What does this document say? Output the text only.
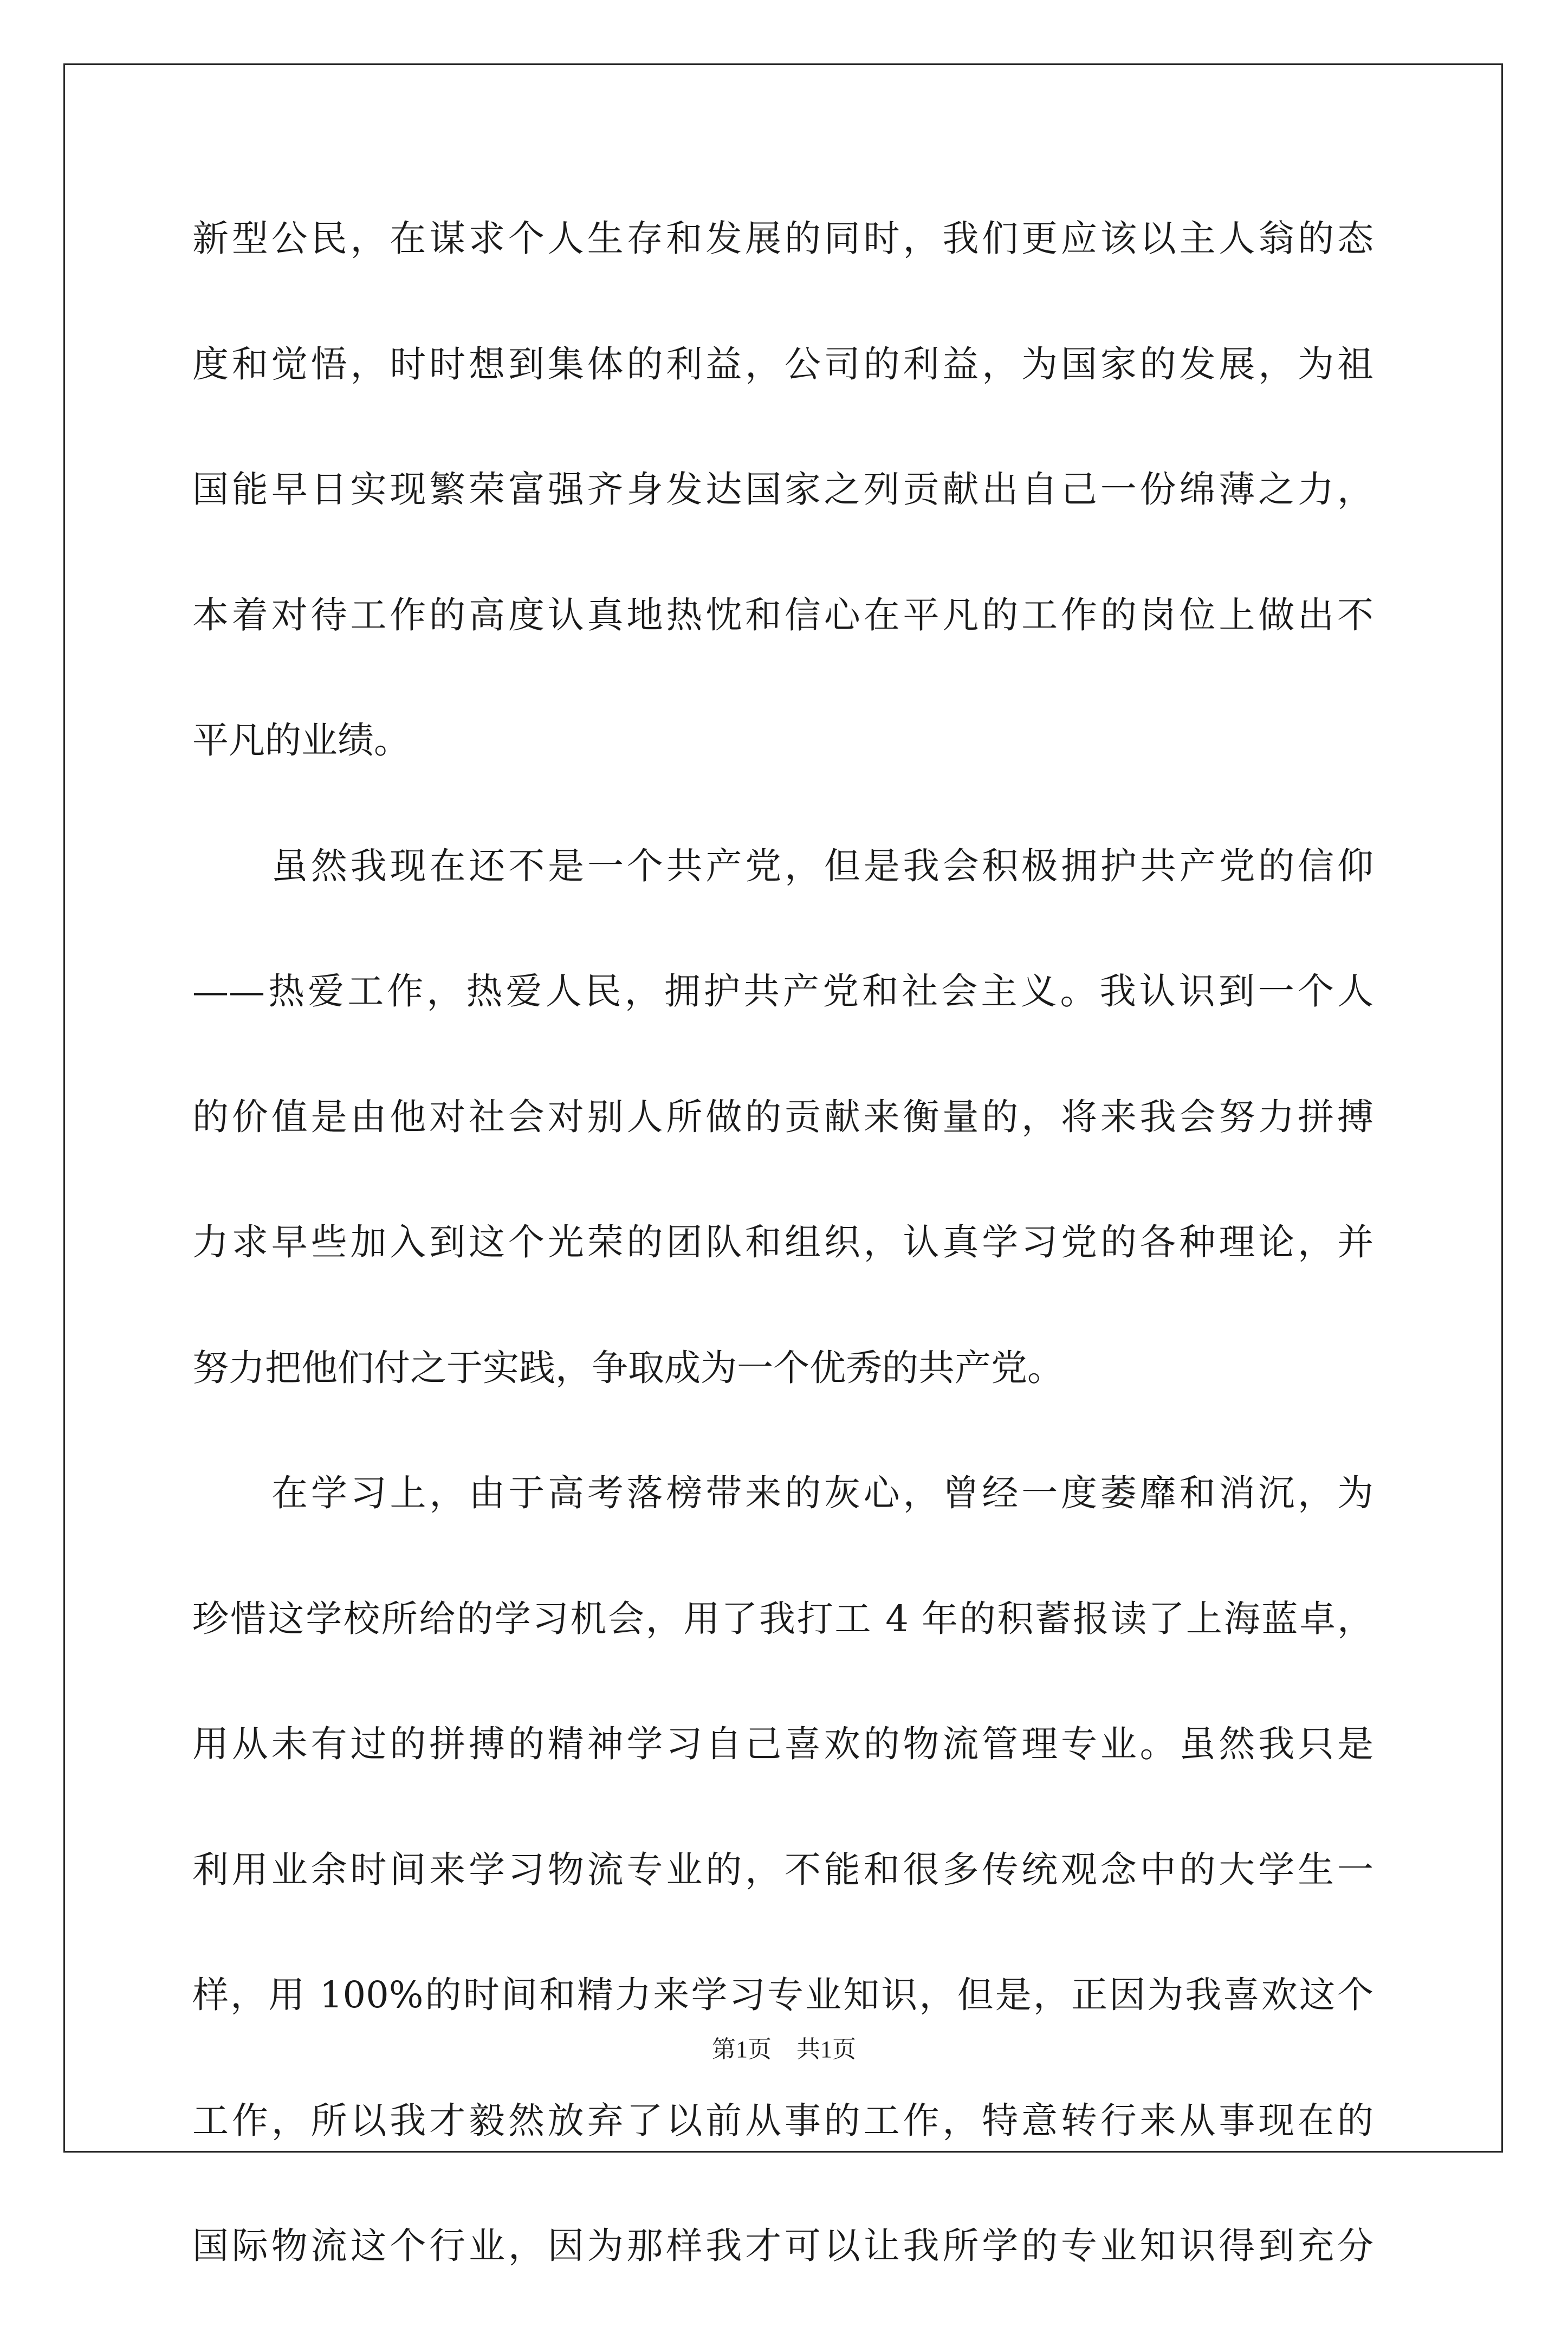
新型公民，在谋求个人生存和发展的同时，我们更应该以主人翁的态
度和觉悟，时时想到集体的利益，公司的利益，为国家的发展，为祖
国能早日实现繁荣富强齐身发达国家之列贡献出自己一份绵薄之力，
本着对待工作的高度认真地热忱和信心在平凡的工作的岗位上做出不
平凡的业绩。
虽然我现在还不是一个共产党，但是我会积极拥护共产党的信仰
——热爱工作，热爱人民，拥护共产党和社会主义。我认识到一个人
的价值是由他对社会对别人所做的贡献来衡量的，将来我会努力拼搏
力求早些加入到这个光荣的团队和组织，认真学习党的各种理论，并
努力把他们付之于实践，争取成为一个优秀的共产党。
在学习上，由于高考落榜带来的灰心，曾经一度萎靡和消沉，为
珍惜这学校所给的学习机会，用了我打工 4 年的积蓄报读了上海蓝卓，
用从未有过的拼搏的精神学习自己喜欢的物流管理专业。虽然我只是
利用业余时间来学习物流专业的，不能和很多传统观念中的大学生一
样，用 100%的时间和精力来学习专业知识，但是，正因为我喜欢这个
工作，所以我才毅然放弃了以前从事的工作，特意转行来从事现在的
国际物流这个行业，因为那样我才可以让我所学的专业知识得到充分
第1页 共1页
